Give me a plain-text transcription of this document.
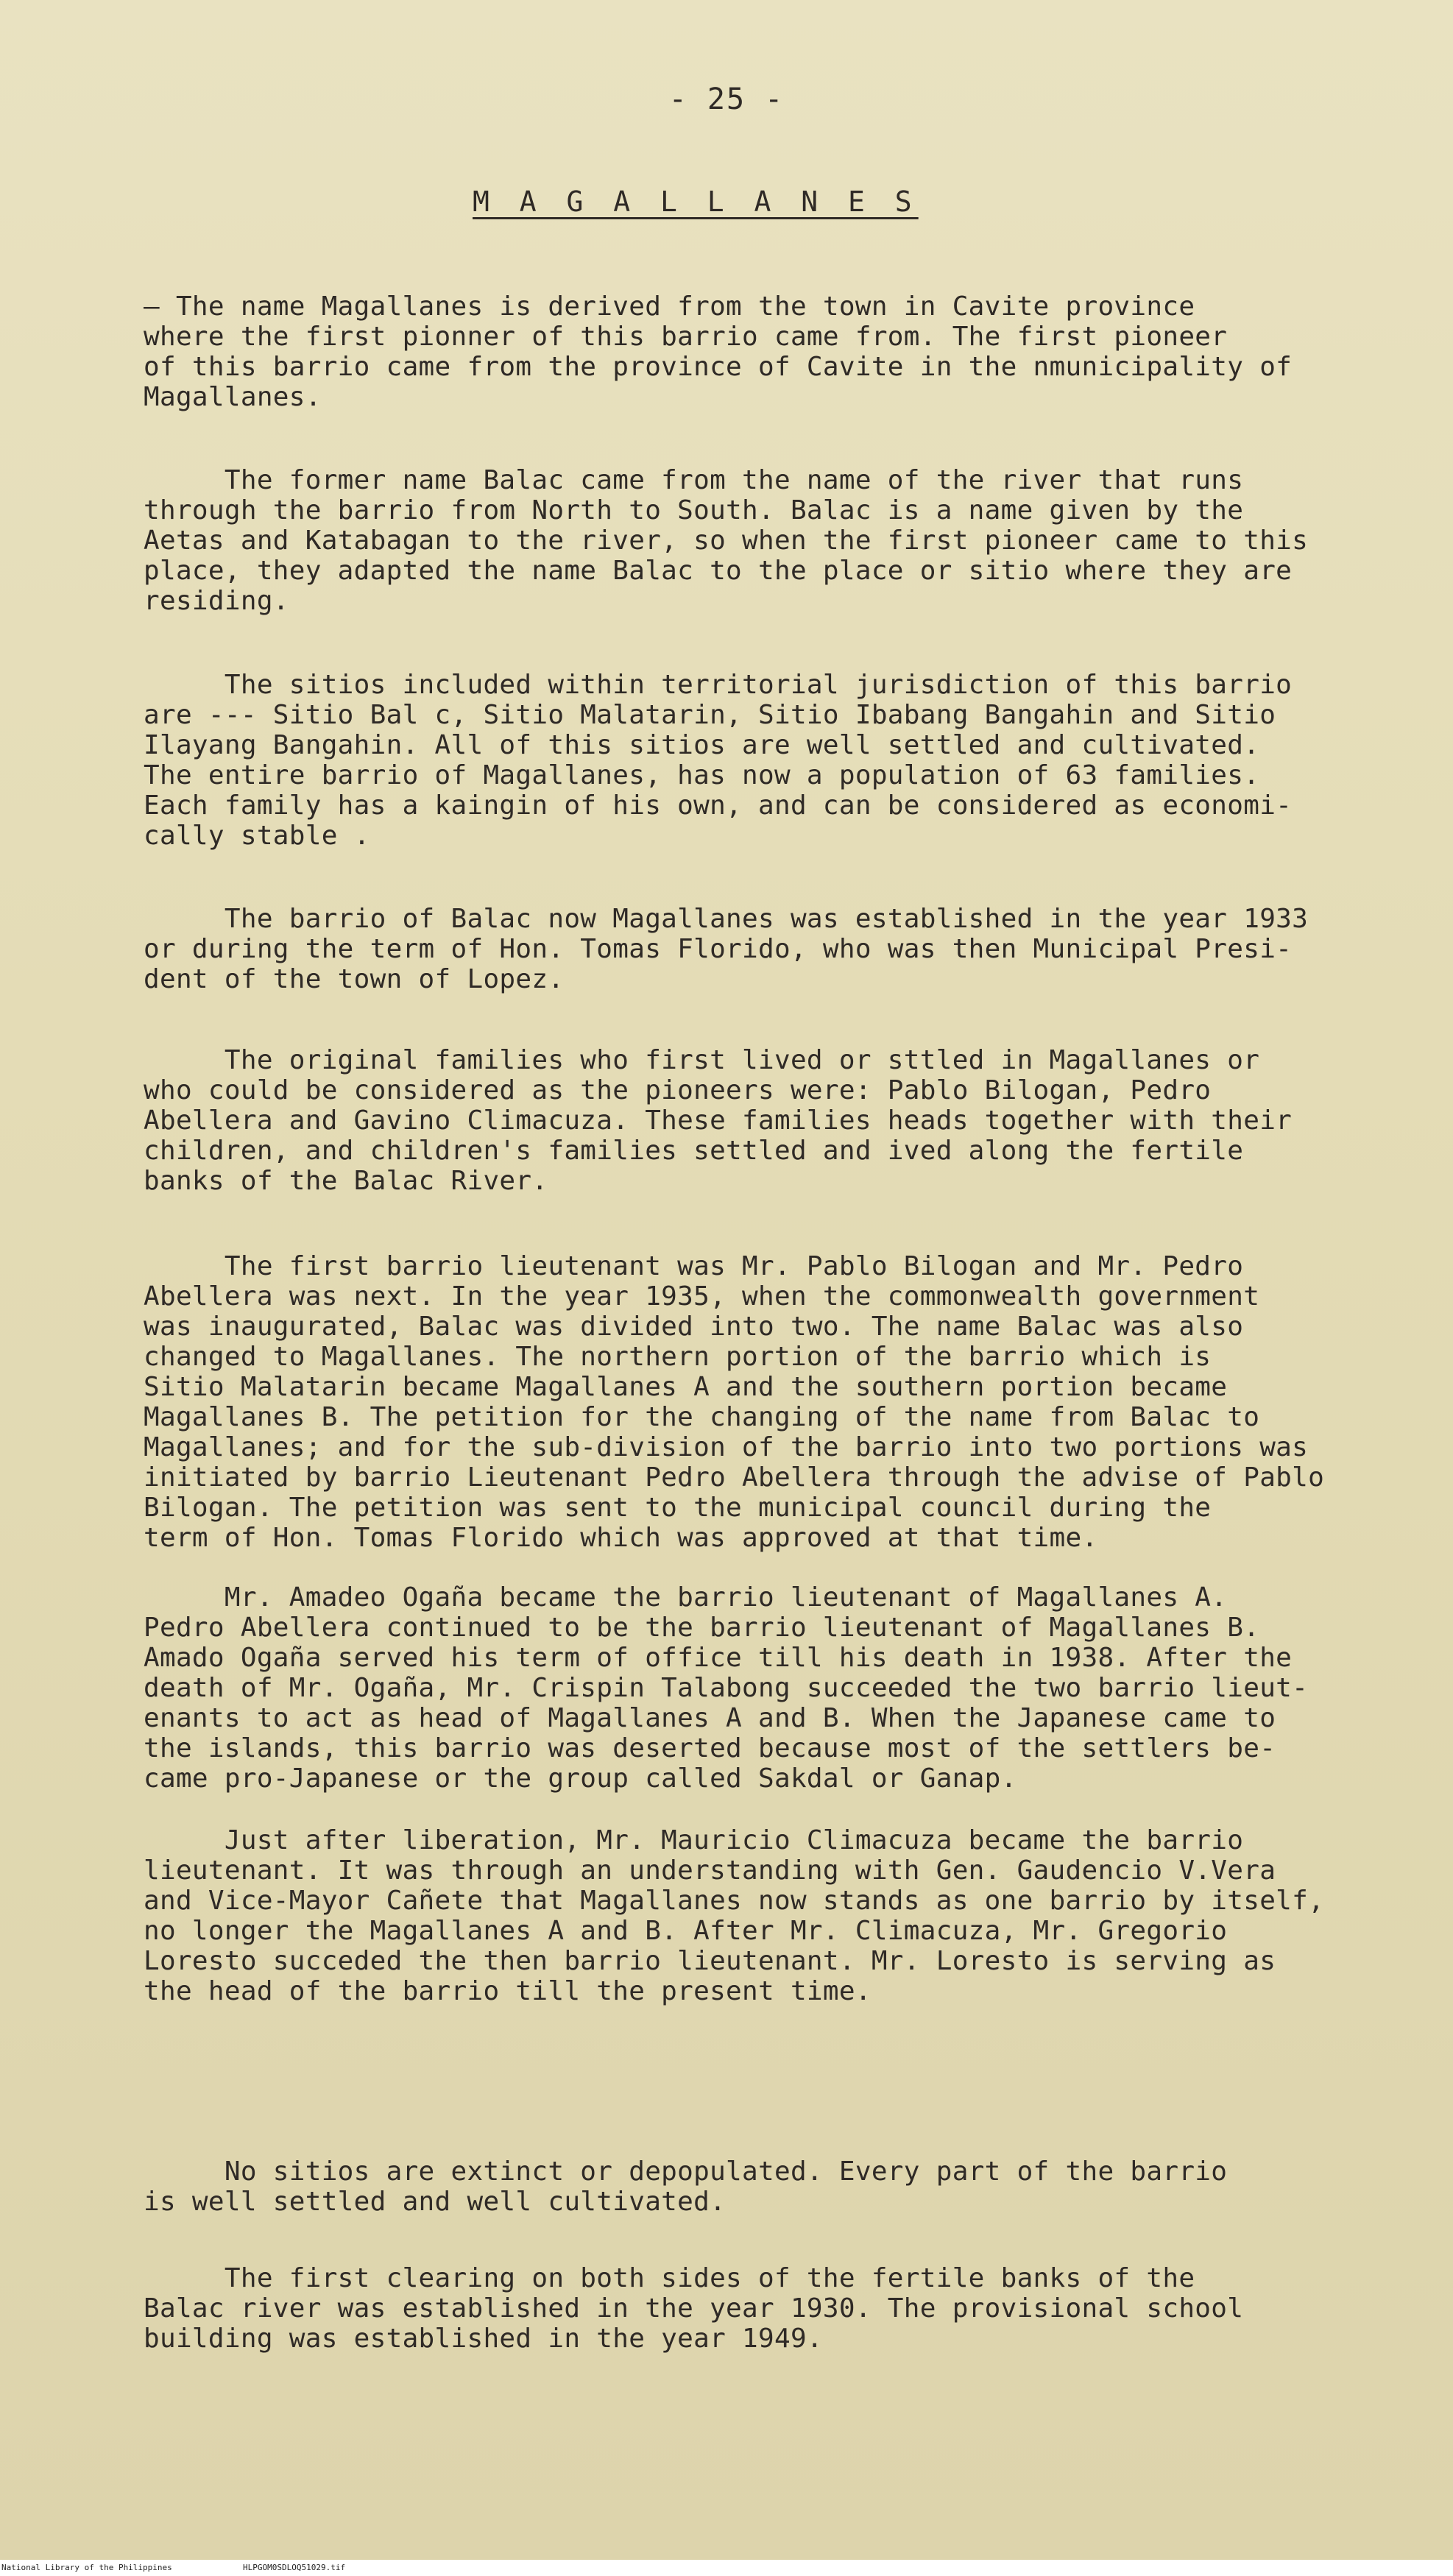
- 25 -
M A G A L L A N E S
— The name Magallanes is derived from the town in Cavite province
where the first pionner of this barrio came from. The first pioneer
of this barrio came from the province of Cavite in the nmunicipality of
Magallanes.
The former name Balac came from the name of the river that runs
through the barrio from North to South. Balac is a name given by the
Aetas and Katabagan to the river, so when the first pioneer came to this
place, they adapted the name Balac to the place or sitio where they are
residing.
The sitios included within territorial jurisdiction of this barrio
are --- Sitio Bal c, Sitio Malatarin, Sitio Ibabang Bangahin and Sitio
Ilayang Bangahin. All of this sitios are well settled and cultivated.
The entire barrio of Magallanes, has now a population of 63 families.
Each family has a kaingin of his own, and can be considered as economi-
cally stable .
The barrio of Balac now Magallanes was established in the year 1933
or during the term of Hon. Tomas Florido, who was then Municipal Presi-
dent of the town of Lopez.
The original families who first lived or sttled in Magallanes or
who could be considered as the pioneers were: Pablo Bilogan, Pedro
Abellera and Gavino Climacuza. These families heads together with their
children, and children's families settled and ived along the fertile
banks of the Balac River.
The first barrio lieutenant was Mr. Pablo Bilogan and Mr. Pedro
Abellera was next. In the year 1935, when the commonwealth government
was inaugurated, Balac was divided into two. The name Balac was also
changed to Magallanes. The northern portion of the barrio which is
Sitio Malatarin became Magallanes A and the southern portion became
Magallanes B. The petition for the changing of the name from Balac to
Magallanes; and for the sub-division of the barrio into two portions was
initiated by barrio Lieutenant Pedro Abellera through the advise of Pablo
Bilogan. The petition was sent to the municipal council during the
term of Hon. Tomas Florido which was approved at that time.
Mr. Amadeo Ogaña became the barrio lieutenant of Magallanes A.
Pedro Abellera continued to be the barrio lieutenant of Magallanes B.
Amado Ogaña served his term of office till his death in 1938. After the
death of Mr. Ogaña, Mr. Crispin Talabong succeeded the two barrio lieut-
enants to act as head of Magallanes A and B. When the Japanese came to
the islands, this barrio was deserted because most of the settlers be-
came pro-Japanese or the group called Sakdal or Ganap.
Just after liberation, Mr. Mauricio Climacuza became the barrio
lieutenant. It was through an understanding with Gen. Gaudencio V.Vera
and Vice-Mayor Cañete that Magallanes now stands as one barrio by itself,
no longer the Magallanes A and B. After Mr. Climacuza, Mr. Gregorio
Loresto succeded the then barrio lieutenant. Mr. Loresto is serving as
the head of the barrio till the present time.
No sitios are extinct or depopulated. Every part of the barrio
is well settled and well cultivated.
The first clearing on both sides of the fertile banks of the
Balac river was established in the year 1930. The provisional school
building was established in the year 1949.
National Library of the Philippines	HLPGOM0SDLOQ51029.tif
